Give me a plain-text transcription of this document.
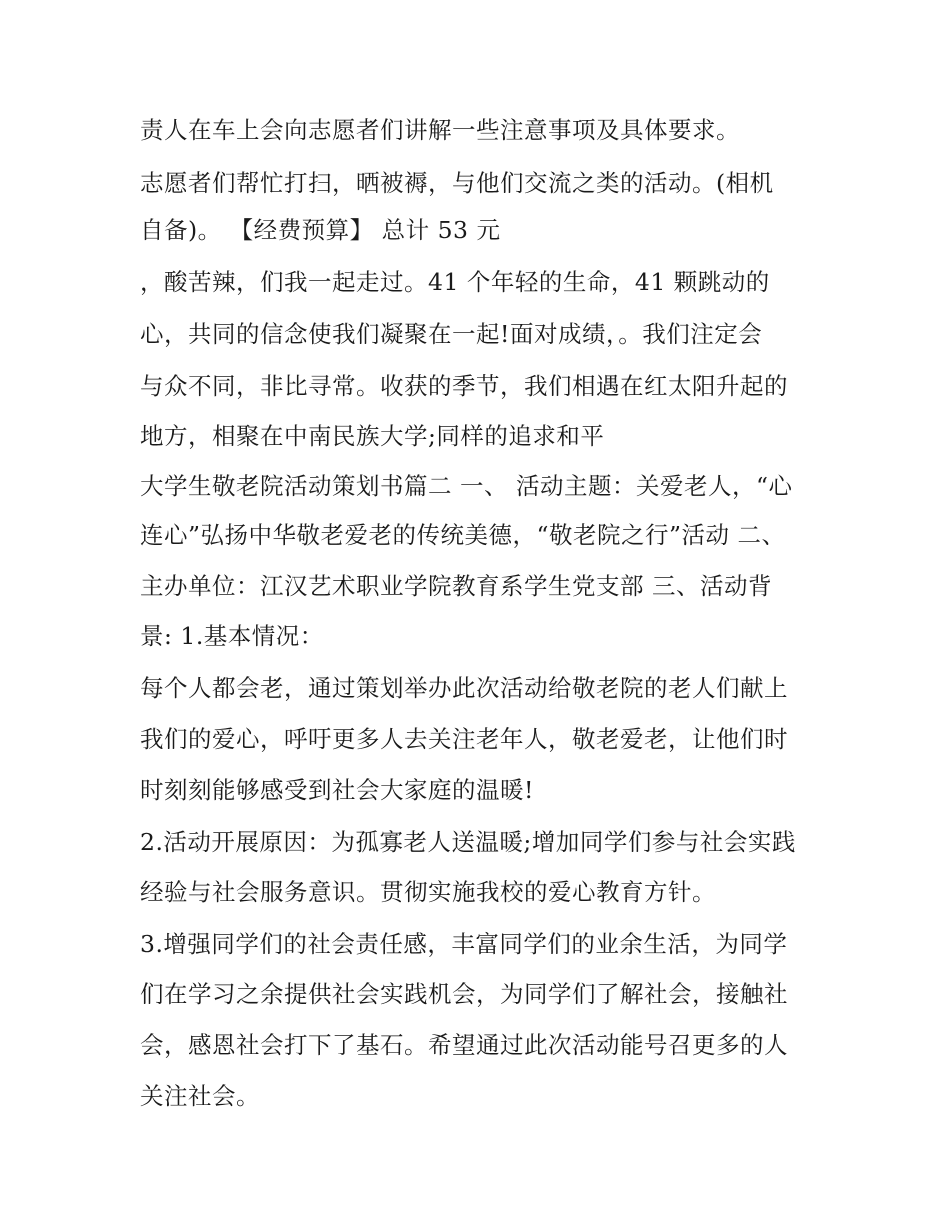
责人在车上会向志愿者们讲解一些注意事项及具体要求。

志愿者们帮忙打扫，晒被褥，与他们交流之类的活动。(相机

自备)。 【经费预算】 总计 53 元

，酸苦辣，们我一起走过。41 个年轻的生命，41 颗跳动的

心，共同的信念使我们凝聚在一起!面对成绩，。我们注定会

与众不同，非比寻常。收获的季节，我们相遇在红太阳升起的

地方，相聚在中南民族大学;同样的追求和平

大学生敬老院活动策划书篇二 一、 活动主题：关爱老人，“心

连心”弘扬中华敬老爱老的传统美德，“敬老院之行”活动 二、

主办单位：江汉艺术职业学院教育系学生党支部 三、活动背

景: 1.基本情况：

每个人都会老，通过策划举办此次活动给敬老院的老人们献上

我们的爱心，呼吁更多人去关注老年人，敬老爱老，让他们时

时刻刻能够感受到社会大家庭的温暖!

2.活动开展原因：为孤寡老人送温暖;增加同学们参与社会实践

经验与社会服务意识。贯彻实施我校的爱心教育方针。

3.增强同学们的社会责任感，丰富同学们的业余生活，为同学

们在学习之余提供社会实践机会，为同学们了解社会，接触社

会，感恩社会打下了基石。希望通过此次活动能号召更多的人

关注社会。
